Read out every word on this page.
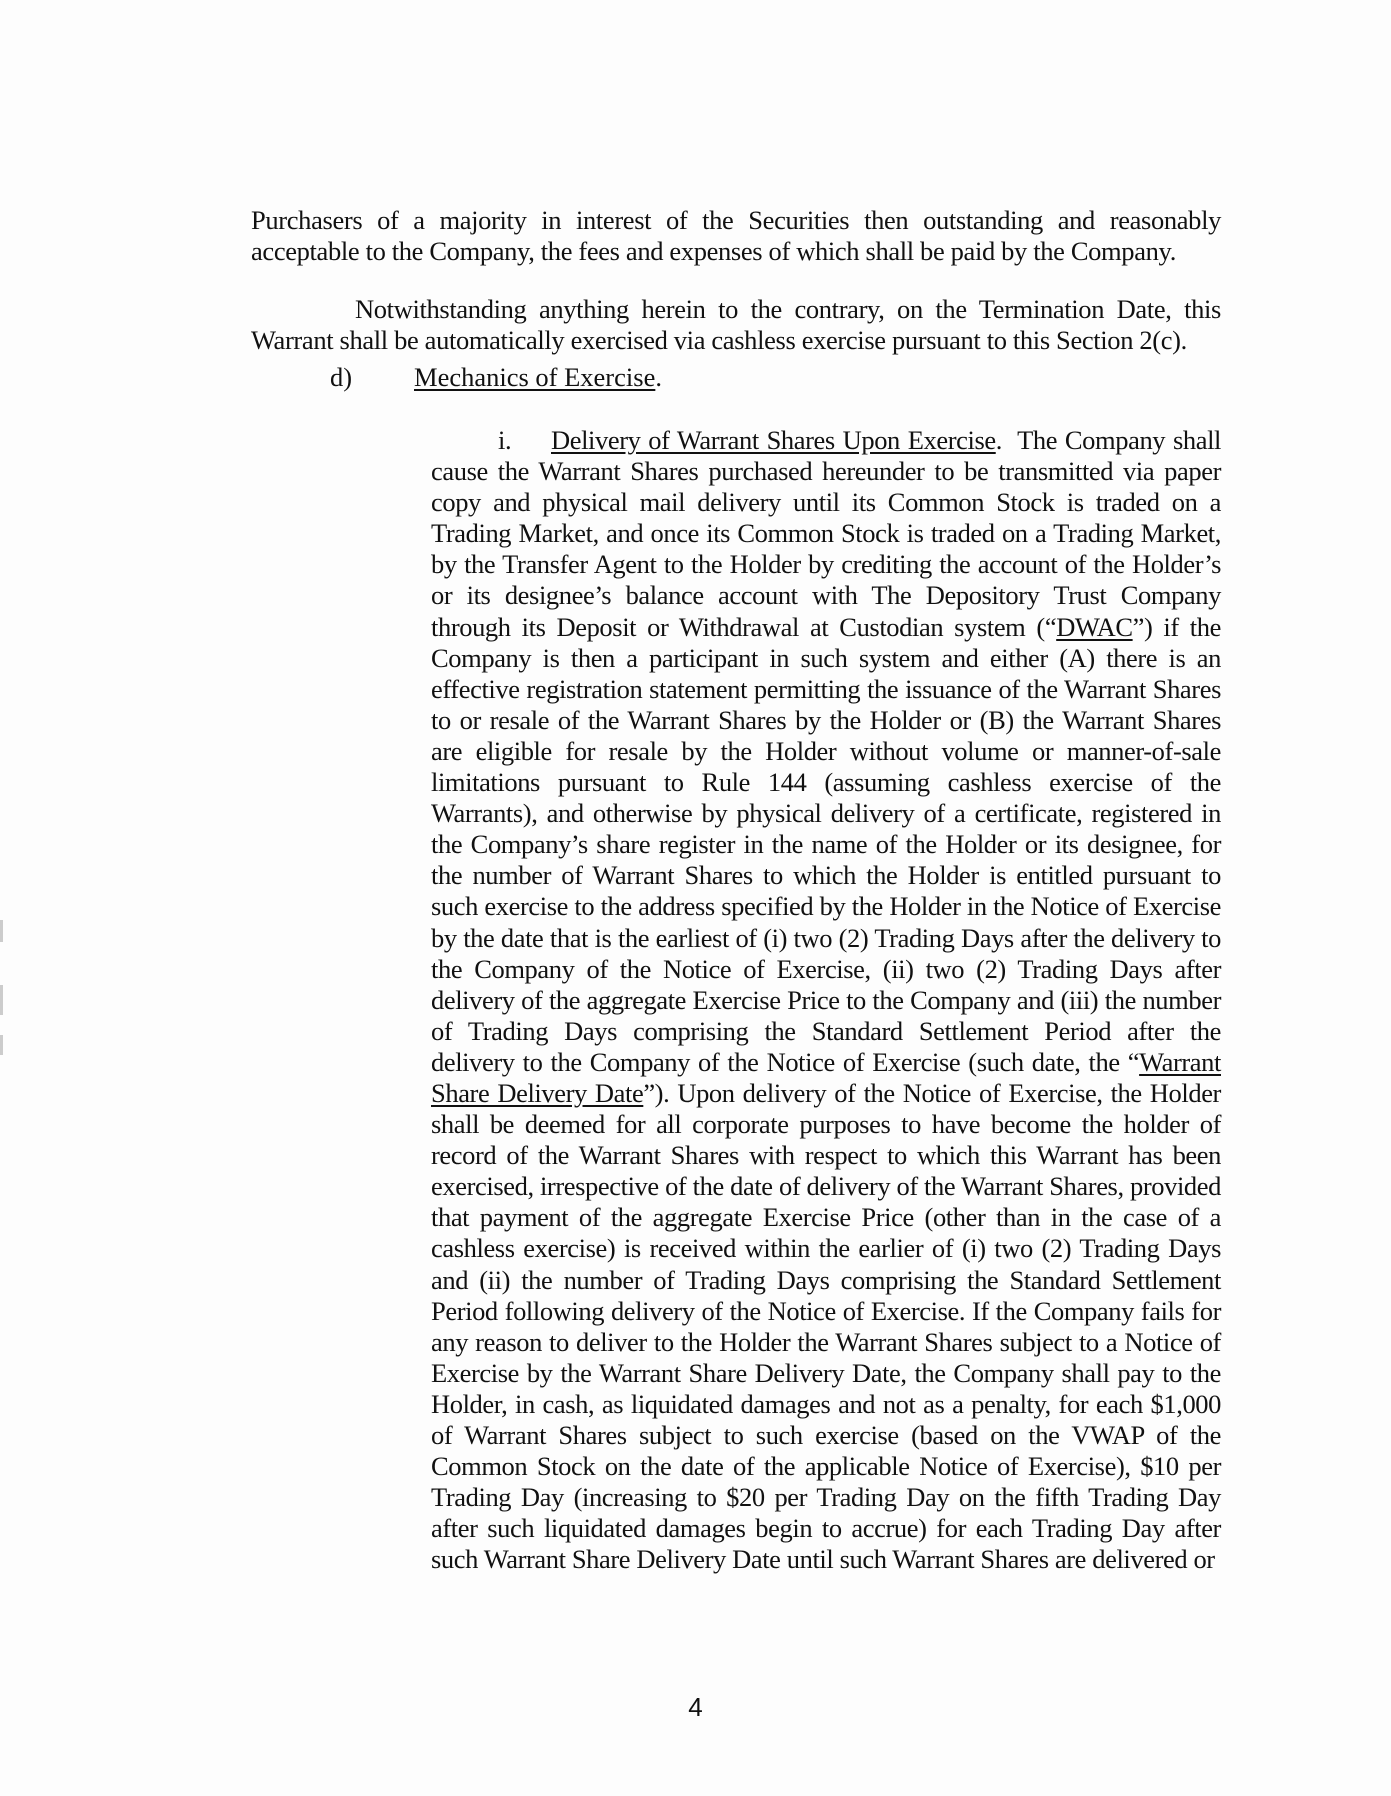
Purchasers of a majority in interest of the Securities then outstanding and reasonably acceptable to the Company, the fees and expenses of which shall be paid by the Company.

Notwithstanding anything herein to the contrary, on the Termination Date, this Warrant shall be automatically exercised via cashless exercise pursuant to this Section 2(c).

d) Mechanics of Exercise.
i. Delivery of Warrant Shares Upon Exercise. The Company shall cause the Warrant Shares purchased hereunder to be transmitted via paper copy and physical mail delivery until its Common Stock is traded on a Trading Market, and once its Common Stock is traded on a Trading Market, by the Transfer Agent to the Holder by crediting the account of the Holder’s or its designee’s balance account with The Depository Trust Company through its Deposit or Withdrawal at Custodian system (“DWAC”) if the Company is then a participant in such system and either (A) there is an effective registration statement permitting the issuance of the Warrant Shares to or resale of the Warrant Shares by the Holder or (B) the Warrant Shares are eligible for resale by the Holder without volume or manner-of-sale limitations pursuant to Rule 144 (assuming cashless exercise of the Warrants), and otherwise by physical delivery of a certificate, registered in the Company’s share register in the name of the Holder or its designee, for the number of Warrant Shares to which the Holder is entitled pursuant to such exercise to the address specified by the Holder in the Notice of Exercise by the date that is the earliest of (i) two (2) Trading Days after the delivery to the Company of the Notice of Exercise, (ii) two (2) Trading Days after delivery of the aggregate Exercise Price to the Company and (iii) the number of Trading Days comprising the Standard Settlement Period after the delivery to the Company of the Notice of Exercise (such date, the “Warrant Share Delivery Date”). Upon delivery of the Notice of Exercise, the Holder shall be deemed for all corporate purposes to have become the holder of record of the Warrant Shares with respect to which this Warrant has been exercised, irrespective of the date of delivery of the Warrant Shares, provided that payment of the aggregate Exercise Price (other than in the case of a cashless exercise) is received within the earlier of (i) two (2) Trading Days and (ii) the number of Trading Days comprising the Standard Settlement Period following delivery of the Notice of Exercise. If the Company fails for any reason to deliver to the Holder the Warrant Shares subject to a Notice of Exercise by the Warrant Share Delivery Date, the Company shall pay to the Holder, in cash, as liquidated damages and not as a penalty, for each $1,000 of Warrant Shares subject to such exercise (based on the VWAP of the Common Stock on the date of the applicable Notice of Exercise), $10 per Trading Day (increasing to $20 per Trading Day on the fifth Trading Day after such liquidated damages begin to accrue) for each Trading Day after such Warrant Share Delivery Date until such Warrant Shares are delivered or
4
